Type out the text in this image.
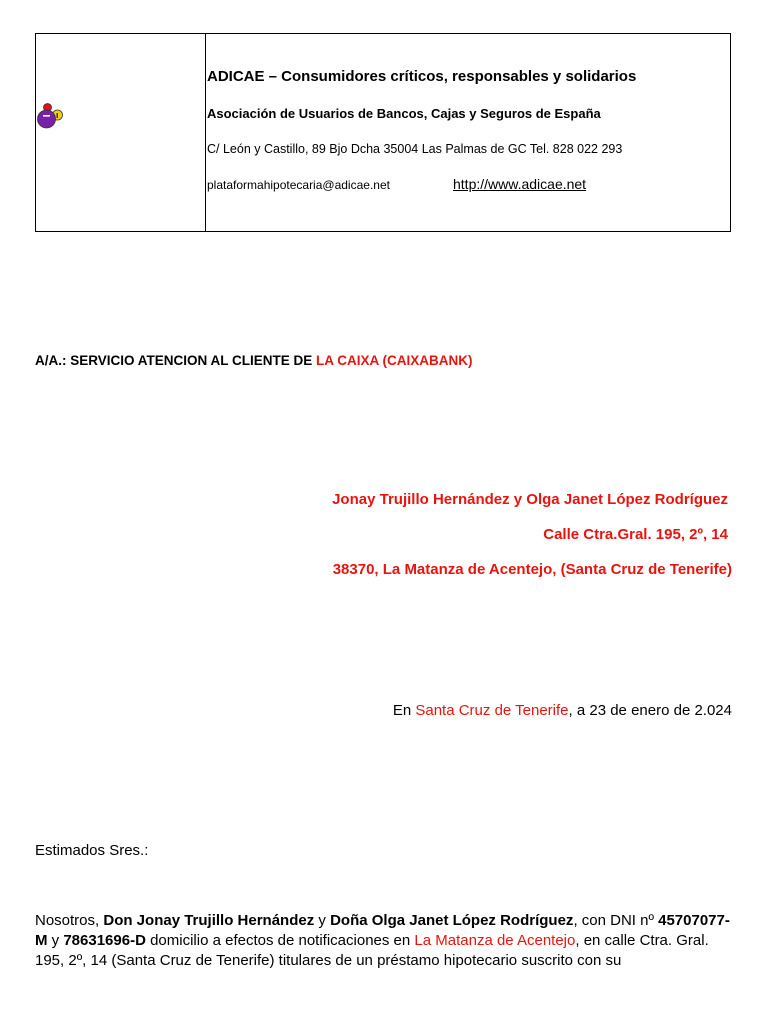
ADICAE – Consumidores críticos, responsables y solidarios
Asociación de Usuarios de Bancos, Cajas y Seguros de España
C/ León y Castillo, 89 Bjo Dcha 35004 Las Palmas de GC Tel. 828 022 293
plataformahipotecaria@adicae.net	http://www.adicae.net
A/A.: SERVICIO ATENCION AL CLIENTE DE LA CAIXA (CAIXABANK)
Jonay Trujillo Hernández y Olga Janet López Rodríguez
Calle Ctra.Gral. 195, 2º, 14
38370, La Matanza de Acentejo, (Santa Cruz de Tenerife)
En Santa Cruz de Tenerife, a 23 de enero de 2.024
Estimados Sres.:
Nosotros, Don Jonay Trujillo Hernández y Doña Olga Janet López Rodríguez, con DNI nº 45707077-M y 78631696-D domicilio a efectos de notificaciones en La Matanza de Acentejo, en calle Ctra. Gral. 195, 2º, 14 (Santa Cruz de Tenerife) titulares de un préstamo hipotecario suscrito con su
